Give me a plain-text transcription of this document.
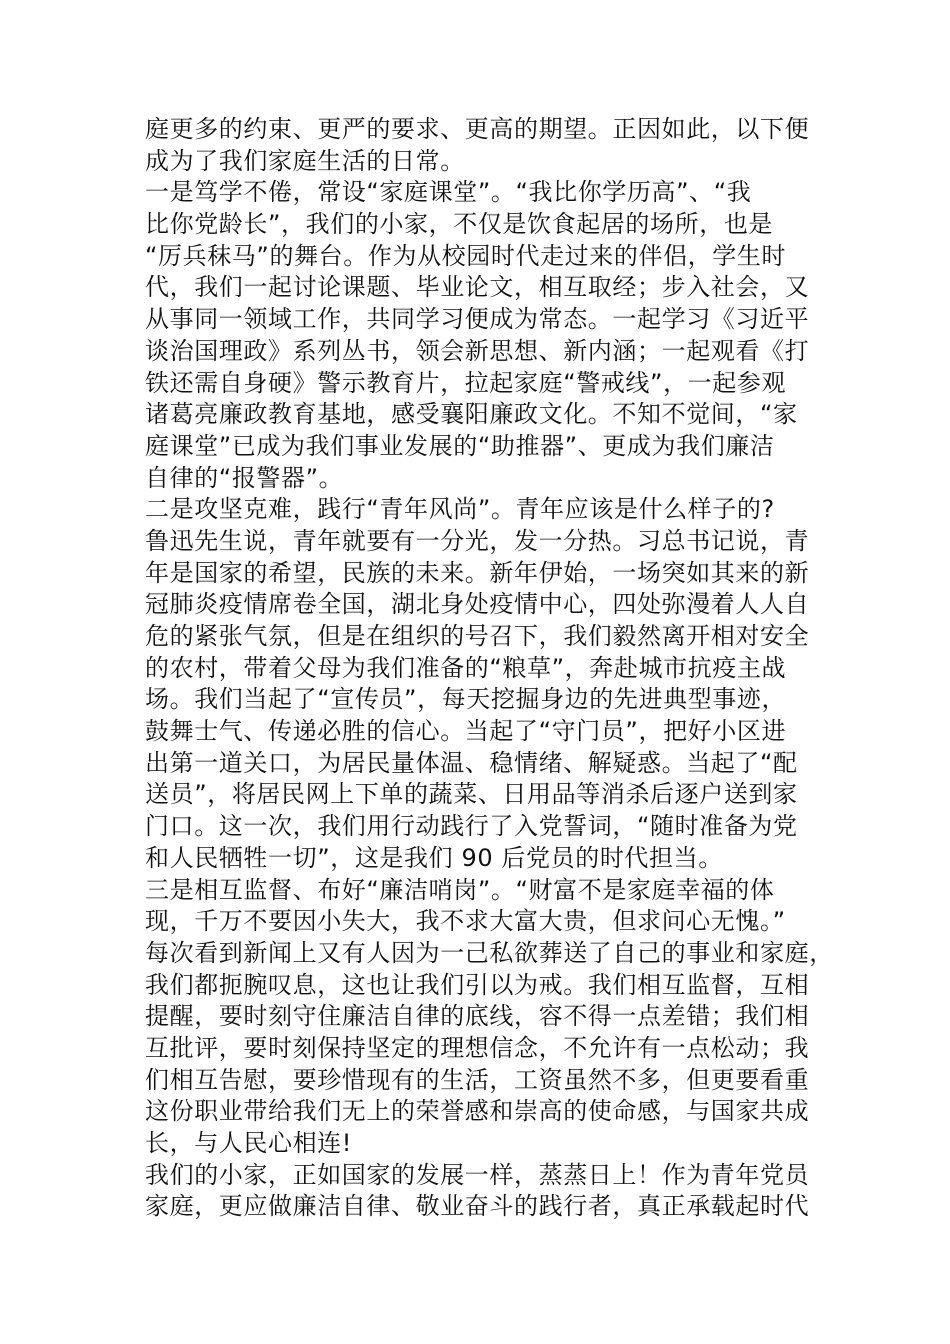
庭更多的约束、更严的要求、更高的期望。正因如此，以下便
成为了我们家庭生活的日常。
一是笃学不倦，常设“家庭课堂”。“我比你学历高”、“我
比你党龄长”，我们的小家，不仅是饮食起居的场所，也是
“厉兵秣马”的舞台。作为从校园时代走过来的伴侣，学生时
代，我们一起讨论课题、毕业论文，相互取经；步入社会，又
从事同一领域工作，共同学习便成为常态。一起学习《习近平
谈治国理政》系列丛书，领会新思想、新内涵；一起观看《打
铁还需自身硬》警示教育片，拉起家庭“警戒线”，一起参观
诸葛亮廉政教育基地，感受襄阳廉政文化。不知不觉间，“家
庭课堂”已成为我们事业发展的“助推器”、更成为我们廉洁
自律的“报警器”。
二是攻坚克难，践行“青年风尚”。青年应该是什么样子的?
鲁迅先生说，青年就要有一分光，发一分热。习总书记说，青
年是国家的希望，民族的未来。新年伊始，一场突如其来的新
冠肺炎疫情席卷全国，湖北身处疫情中心，四处弥漫着人人自
危的紧张气氛，但是在组织的号召下，我们毅然离开相对安全
的农村，带着父母为我们准备的“粮草”，奔赴城市抗疫主战
场。我们当起了“宣传员”，每天挖掘身边的先进典型事迹，
鼓舞士气、传递必胜的信心。当起了“守门员”，把好小区进
出第一道关口，为居民量体温、稳情绪、解疑惑。当起了“配
送员”，将居民网上下单的蔬菜、日用品等消杀后逐户送到家
门口。这一次，我们用行动践行了入党誓词，“随时准备为党
和人民牺牲一切”，这是我们 90 后党员的时代担当。
三是相互监督、布好“廉洁哨岗”。“财富不是家庭幸福的体
现，千万不要因小失大，我不求大富大贵，但求问心无愧。”
每次看到新闻上又有人因为一己私欲葬送了自己的事业和家庭，
我们都扼腕叹息，这也让我们引以为戒。我们相互监督，互相
提醒，要时刻守住廉洁自律的底线，容不得一点差错；我们相
互批评，要时刻保持坚定的理想信念，不允许有一点松动；我
们相互告慰，要珍惜现有的生活，工资虽然不多，但更要看重
这份职业带给我们无上的荣誉感和崇高的使命感，与国家共成
长，与人民心相连!
我们的小家，正如国家的发展一样，蒸蒸日上！作为青年党员
家庭，更应做廉洁自律、敬业奋斗的践行者，真正承载起时代
